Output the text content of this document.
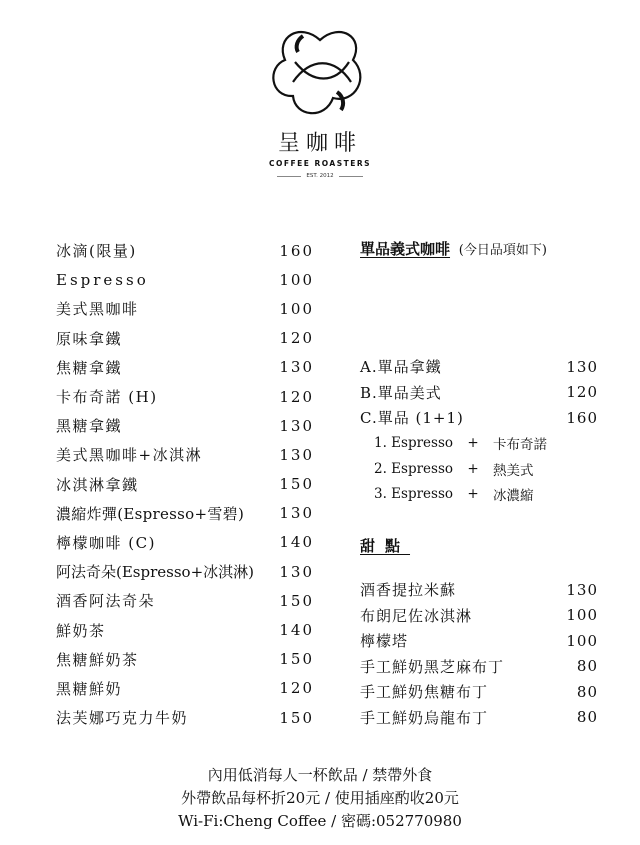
呈咖啡
COFFEE ROASTERS
EST. 2012
冰滴(限量)	160
Espresso	100
美式黑咖啡	100
原味拿鐵	120
焦糖拿鐵	130
卡布奇諾 (H)	120
黑糖拿鐵	130
美式黑咖啡+冰淇淋	130
冰淇淋拿鐵	150
濃縮炸彈(Espresso+雪碧) 130
檸檬咖啡 (C)	140
阿法奇朵(Espresso+冰淇淋) 130
酒香阿法奇朵	150
鮮奶茶	140
焦糖鮮奶茶	150
黑糖鮮奶	120
法芙娜巧克力牛奶	150
單品義式咖啡 (今日品項如下)
A.單品拿鐵	130
B.單品美式	120
C.單品 (1+1)	160
1. Espresso	+	卡布奇諾
2. Espresso	+	熱美式
3. Espresso	+	冰濃縮
甜點
酒香提拉米蘇	130
布朗尼佐冰淇淋	100
檸檬塔	100
手工鮮奶黑芝麻布丁	80
手工鮮奶焦糖布丁	80
手工鮮奶烏龍布丁	80
內用低消每人一杯飲品 / 禁帶外食
外帶飲品每杯折20元 / 使用插座酌收20元
Wi-Fi:Cheng Coffee / 密碼:052770980
